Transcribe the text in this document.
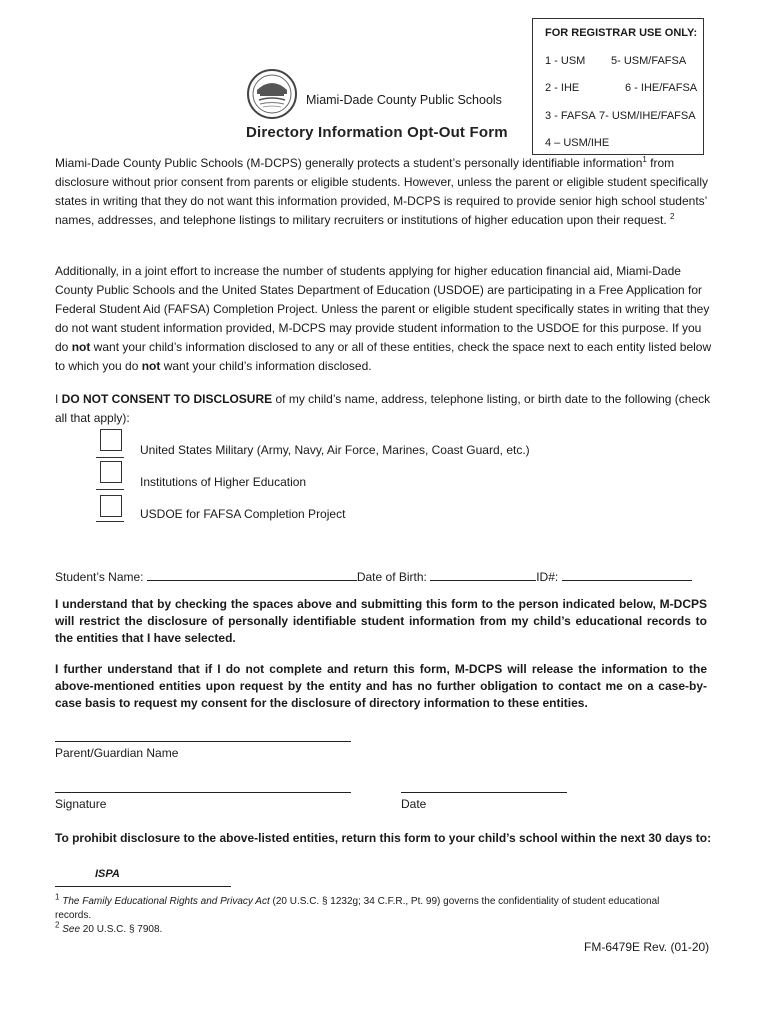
FOR REGISTRAR USE ONLY:
1 - USM 5- USM/FAFSA
2 - IHE	6 - IHE/FAFSA
3 - FAFSA 7- USM/IHE/FAFSA
4 – USM/IHE
Miami-Dade County Public Schools
Directory Information Opt-Out Form
Miami-Dade County Public Schools (M-DCPS) generally protects a student’s personally identifiable information$^1$ from disclosure without prior consent from parents or eligible students. However, unless the parent or eligible student specifically states in writing that they do not want this information provided, M-DCPS is required to provide senior high school students’ names, addresses, and telephone listings to military recruiters or institutions of higher education upon their request. $^2$
Additionally, in a joint effort to increase the number of students applying for higher education financial aid, Miami-Dade County Public Schools and the United States Department of Education (USDOE) are participating in a Free Application for Federal Student Aid (FAFSA) Completion Project. Unless the parent or eligible student specifically states in writing that they do not want student information provided, M-DCPS may provide student information to the USDOE for this purpose. If you do not want your child’s information disclosed to any or all of these entities, check the space next to each entity listed below to which you do not want your child’s information disclosed.
I DO NOT CONSENT TO DISCLOSURE of my child’s name, address, telephone listing, or birth date to the following (check all that apply):
United States Military (Army, Navy, Air Force, Marines, Coast Guard, etc.)
Institutions of Higher Education
USDOE for FAFSA Completion Project
Student’s Name:	Date of Birth:	ID#:
I understand that by checking the spaces above and submitting this form to the person indicated below, M-DCPS will restrict the disclosure of personally identifiable student information from my child’s educational records to the entities that I have selected.
I further understand that if I do not complete and return this form, M-DCPS will release the information to the above-mentioned entities upon request by the entity and has no further obligation to contact me on a case-by-case basis to request my consent for the disclosure of directory information to these entities.
Parent/Guardian Name
Signature	Date
To prohibit disclosure to the above-listed entities, return this form to your child’s school within the next 30 days to:
ISPA
$^1$ The Family Educational Rights and Privacy Act (20 U.S.C. § 1232g; 34 C.F.R., Pt. 99) governs the confidentiality of student educational records.
$^2$ See 20 U.S.C. § 7908.
FM-6479E Rev. (01-20)
